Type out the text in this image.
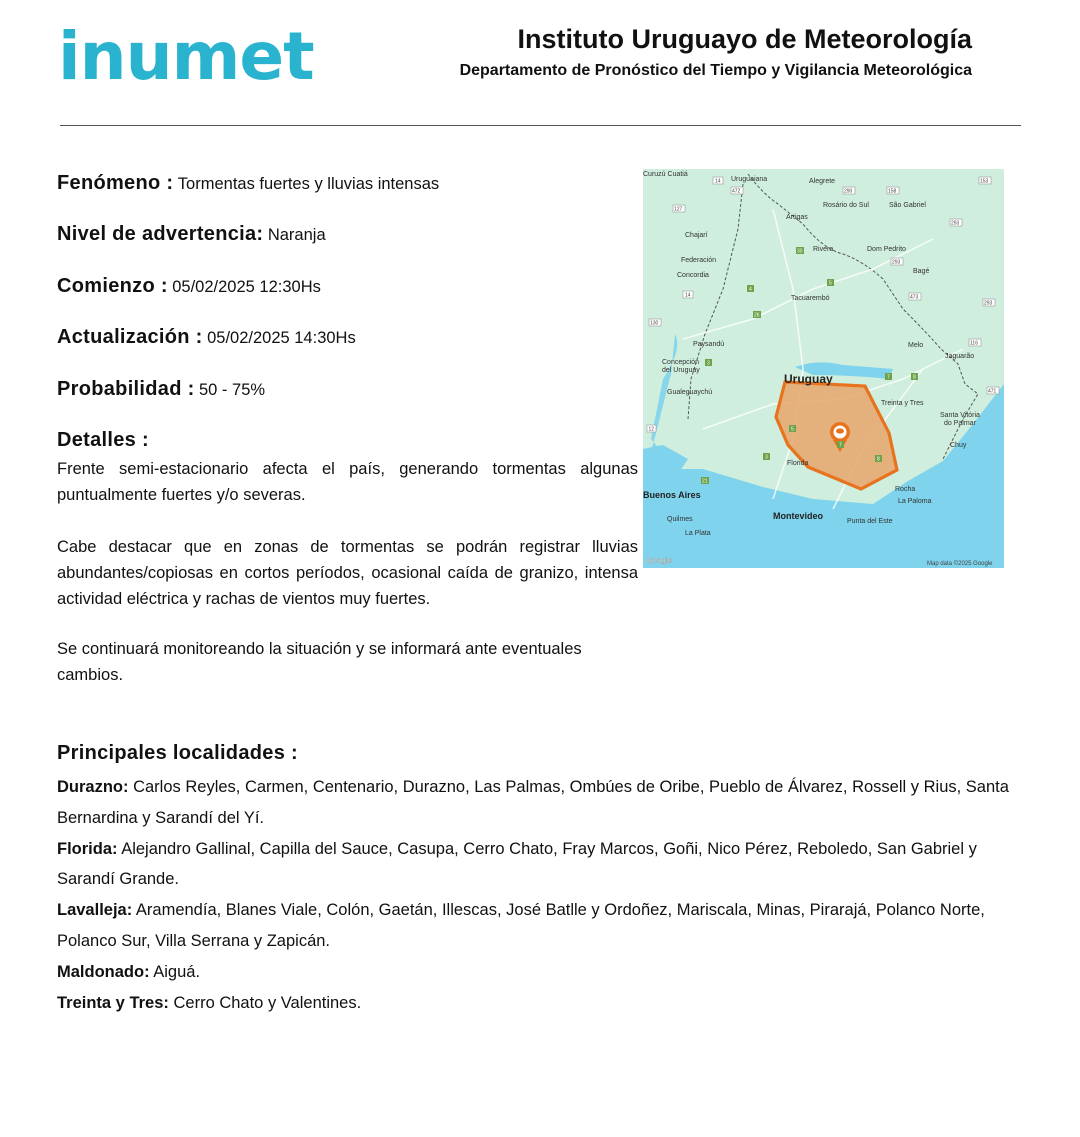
inumet	Instituto Uruguayo de Meteorología
Departamento de Pronóstico del Tiempo y Vigilancia Meteorológica
Fenómeno : Tormentas fuertes y lluvias intensas
Nivel de advertencia: Naranja
Comienzo : 05/02/2025 12:30Hs
Actualización : 05/02/2025 14:30Hs
Probabilidad : 50 - 75%
Detalles :
Frente semi-estacionario afecta el país, generando tormentas algunas puntualmente fuertes y/o severas.
Cabe destacar que en zonas de tormentas se podrán registrar lluvias abundantes/copiosas en cortos períodos, ocasional caída de granizo, intensa actividad eléctrica y rachas de vientos muy fuertes.
Se continuará monitoreando la situación y se informará ante eventuales cambios.
Principales localidades :
Durazno: Carlos Reyles, Carmen, Centenario, Durazno, Las Palmas, Ombúes de Oribe, Pueblo de Álvarez, Rossell y Rius, Santa Bernardina y Sarandí del Yí.
Florida: Alejandro Gallinal, Capilla del Sauce, Casupa, Cerro Chato, Fray Marcos, Goñi, Nico Pérez, Reboledo, San Gabriel y Sarandí Grande.
Lavalleja: Aramendía, Blanes Viale, Colón, Gaetán, Illescas, José Batlle y Ordoñez, Mariscala, Minas, Pirarajá, Polanco Norte, Polanco Sur, Villa Serrana y Zapicán.
Maldonado: Aiguá.
Treinta y Tres: Cerro Chato y Valentines.
Curuzú Cuatiá
Uruguaiana	Alegrete
Rosário do Sul	São Gabriel
Artigas
Chajarí
Rivera	Dom Pedrito
Federación
Bagé
Concordia
Tacuarembó
Paysandú	Melo
Jaguarão
Concepción
del Uruguay
Gualeguaychú
Treinta y Tres
Santa Vitória
do Palmar
Chuy
Florida
Rocha
La Paloma
Quilmes
La Plata
Punta del Este
Uruguay
Buenos Aires
Montevideo
14
472	290	158
153
127
293
293
473
293
130
116
471
12
14
30
5
4
26
3
7	8
5
7
8
3
21
Google	Map data ©2025 Google
